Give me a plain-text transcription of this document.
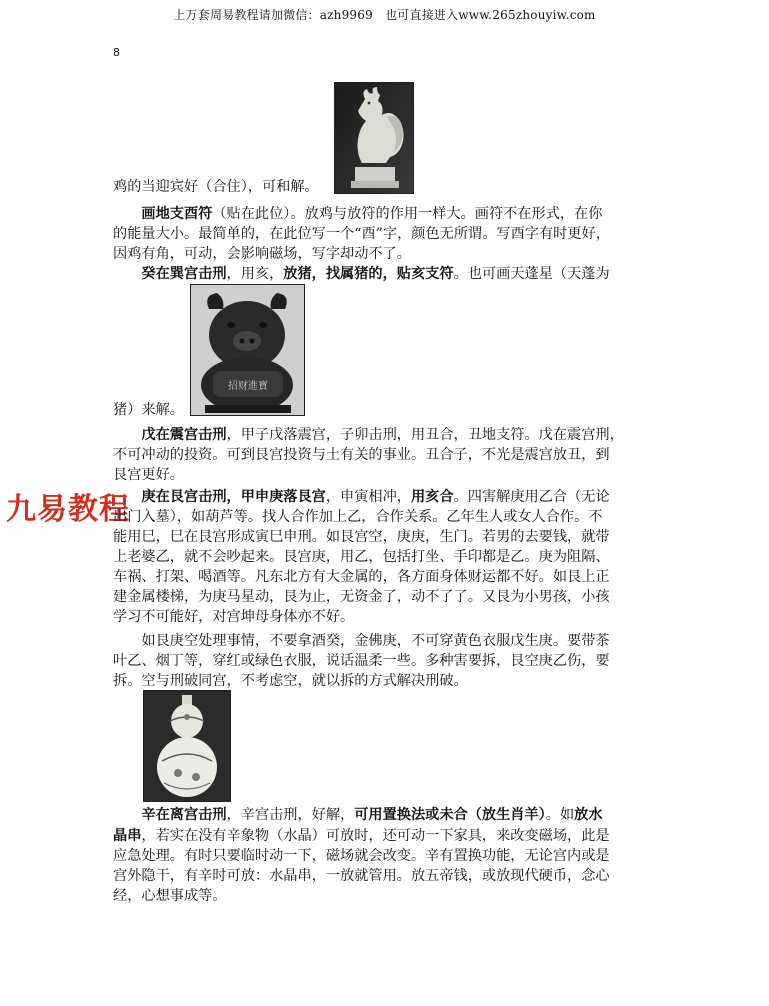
上万套周易教程请加微信：azh9969　也可直接进入www.265zhouyiw.com
8
招财進寶
九易教程
鸡的当迎宾好（合住），可和解。
　　画地支酉符（贴在此位）。放鸡与放符的作用一样大。画符不在形式，在你
的能量大小。最简单的，在此位写一个“酉”字，颜色无所谓。写酉字有时更好，
因鸡有角，可动，会影响磁场，写字却动不了。
　　癸在巽宫击刑，用亥，放猪，找属猪的，贴亥支符。也可画天蓬星（天蓬为
猪）来解。
　　戊在震宫击刑，甲子戊落震宫，子卯击刑，用丑合，丑地支符。戊在震宫刑，
不可冲动的投资。可到艮宫投资与土有关的事业。丑合子，不光是震宫放丑，到
艮宫更好。
　　庚在艮宫击刑，甲申庚落艮宫，申寅相冲，用亥合。四害解庚用乙合（无论
出门入墓），如葫芦等。找人合作加上乙，合作关系。乙年生人或女人合作。不
能用巳，巳在艮宫形成寅巳申刑。如艮宫空，庚庚，生门。若男的去要钱，就带
上老婆乙，就不会吵起来。艮宫庚，用乙，包括打坐、手印都是乙。庚为阻隔、
车祸、打架、喝酒等。凡东北方有大金属的，各方面身体财运都不好。如艮上正
建金属楼梯，为庚马星动，艮为止，无资金了，动不了了。又艮为小男孩，小孩
学习不可能好，对宫坤母身体亦不好。
　　如艮庚空处理事情，不要拿酒癸，金佛庚，不可穿黄色衣服戊生庚。要带茶
叶乙、烟丁等，穿红或绿色衣服，说话温柔一些。多种害要拆，艮空庚乙伤，要
拆。空与刑破同宫，不考虑空，就以拆的方式解决刑破。
　　辛在离宫击刑，辛宫击刑，好解，可用置换法或未合（放生肖羊）。如放水
晶串，若实在没有辛象物（水晶）可放时，还可动一下家具，来改变磁场，此是
应急处理。有时只要临时动一下，磁场就会改变。辛有置换功能，无论宫内或是
宫外隐干，有辛时可放：水晶串，一放就管用。放五帝钱，或放现代硬币，念心
经，心想事成等。
